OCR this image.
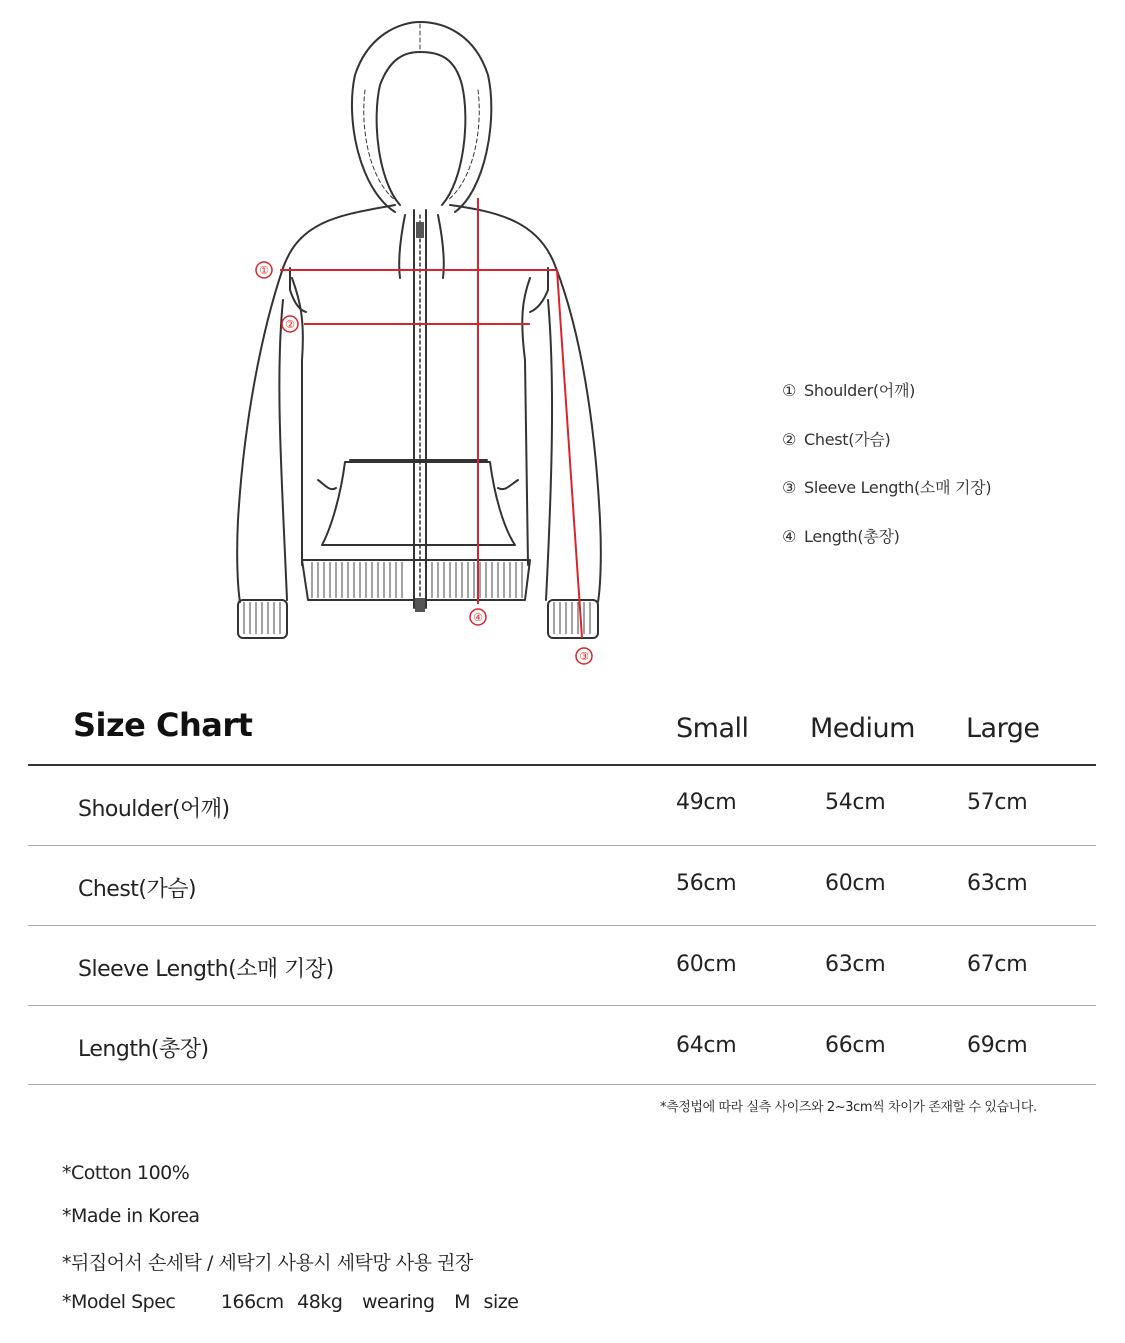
①
②
③
④
① Shoulder(어깨)
② Chest(가슴)
③ Sleeve Length(소매 기장)
④ Length(총장)
Size Chart	Small Medium Large
Shoulder(어깨)	49cm	54cm	57cm
Chest(가슴)	56cm	60cm	63cm
Sleeve Length(소매 기장)	60cm	63cm	67cm
Length(총장)	64cm	66cm	69cm
*측정법에 따라 실측 사이즈와 2~3cm씩 차이가 존재할 수 있습니다.
*Cotton 100%
*Made in Korea
*뒤집어서 손세탁 / 세탁기 사용시 세탁망 사용 권장
*Model Spec 166cm 48kg wearing M size
